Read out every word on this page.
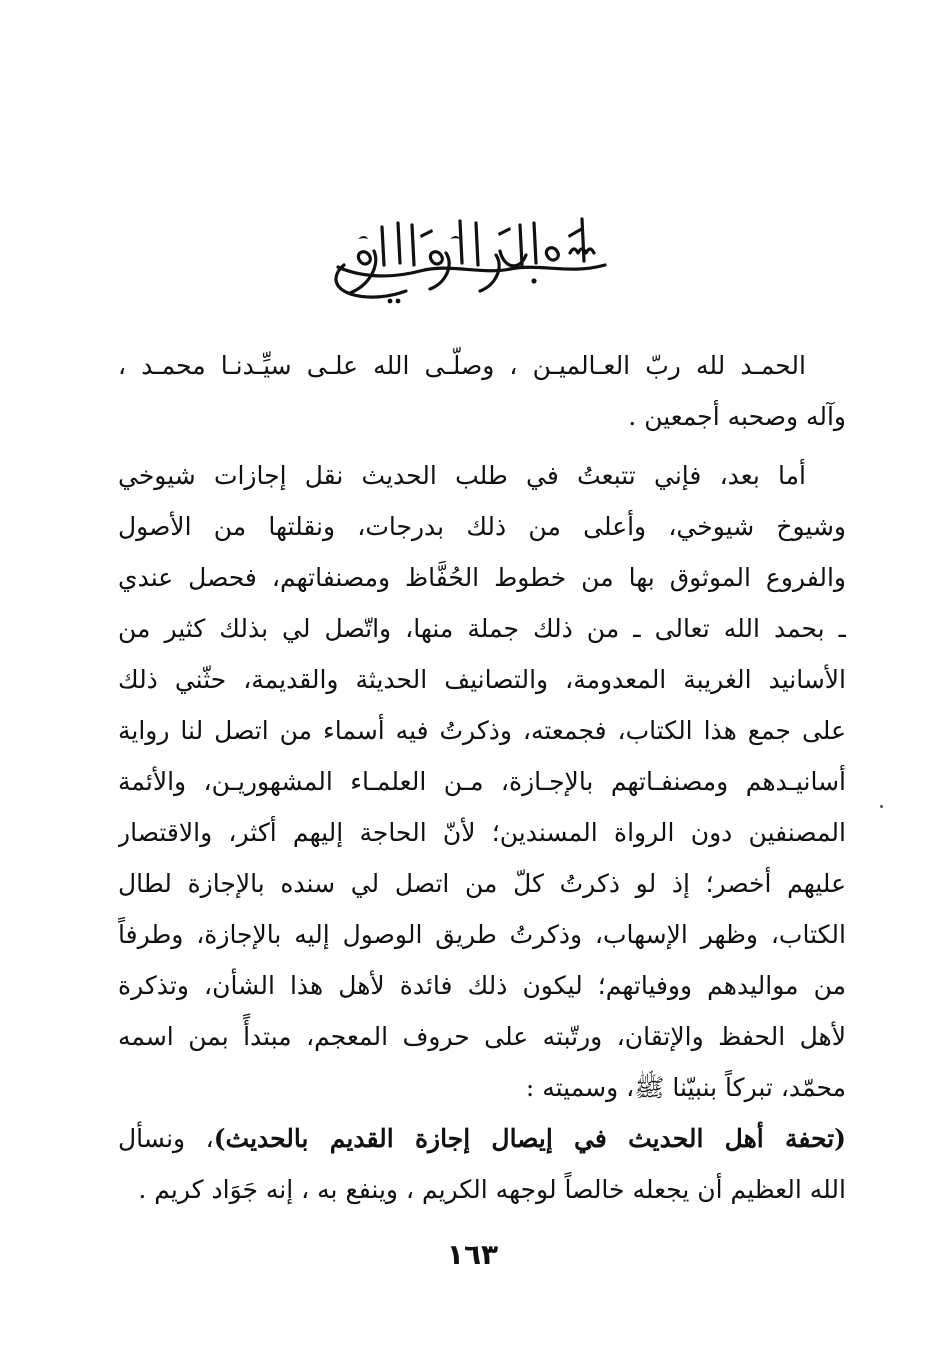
الحمـد لله ربّ العـالميـن ، وصلّـى الله علـى سيِّـدنـا محمـد ،
وآله وصحبه أجمعين .
أما بعد، فإني تتبعتُ في طلب الحديث نقل إجازات شيوخي
وشيوخ شيوخي، وأعلى من ذلك بدرجات، ونقلتها من الأصول
والفروع الموثوق بها من خطوط الحُفَّاظ ومصنفاتهم، فحصل عندي
ـ بحمد الله تعالى ـ من ذلك جملة منها، واتّصل لي بذلك كثير من
الأسانيد الغريبة المعدومة، والتصانيف الحديثة والقديمة، حثّني ذلك
على جمع هذا الكتاب، فجمعته، وذكرتُ فيه أسماء من اتصل لنا رواية
أسانيـدهم ومصنفـاتهم بالإجـازة، مـن العلمـاء المشهوريـن، والأئمة
المصنفين دون الرواة المسندين؛ لأنّ الحاجة إليهم أكثر، والاقتصار
عليهم أخصر؛ إذ لو ذكرتُ كلّ من اتصل لي سنده بالإجازة لطال
الكتاب، وظهر الإسهاب، وذكرتُ طريق الوصول إليه بالإجازة، وطرفاً
من مواليدهم ووفياتهم؛ ليكون ذلك فائدة لأهل هذا الشأن، وتذكرة
لأهل الحفظ والإتقان، ورتّبته على حروف المعجم، مبتدأً بمن اسمه
محمّد، تبركاً بنبيّنا ﷺ، وسميته :
(تحفة أهل الحديث في إيصال إجازة القديم بالحديث)، ونسأل
الله العظيم أن يجعله خالصاً لوجهه الكريم ، وينفع به ، إنه جَوَاد كريم .
١٦٣
